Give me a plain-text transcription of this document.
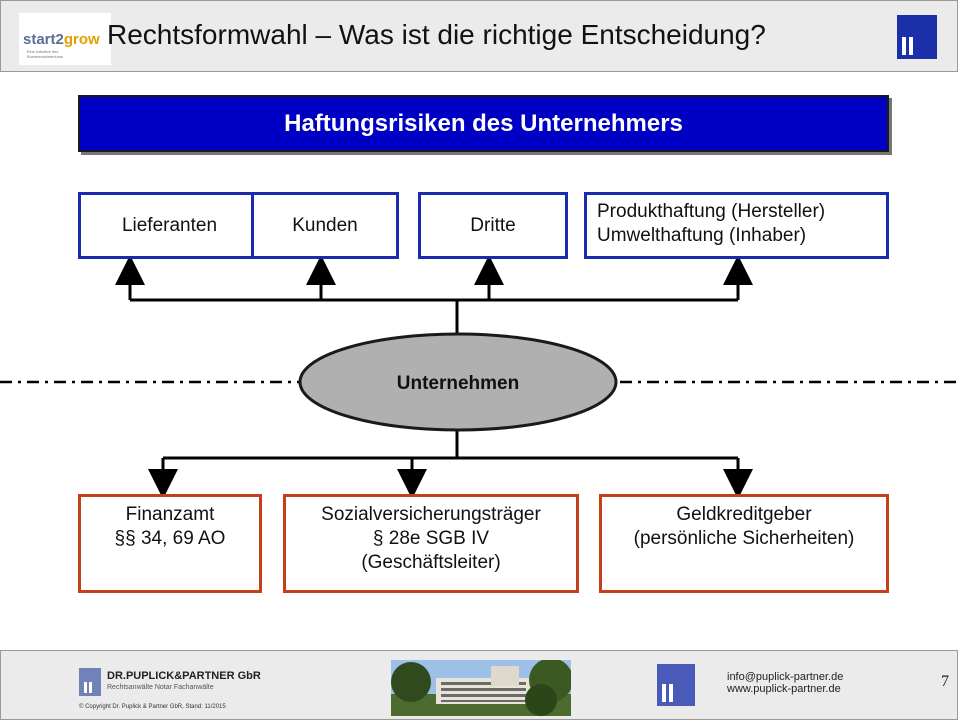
start2grow
Eine Initiative des Bundesministeriums
Rechtsformwahl – Was ist die richtige Entscheidung?
Haftungsrisiken des Unternehmers
Unternehmen
Lieferanten	Kunden	Dritte
Produkthaftung (Hersteller)
Umwelthaftung (Inhaber)
Finanzamt
§§ 34, 69 AO
Sozialversicherungsträger
§ 28e SGB IV
(Geschäftsleiter)
Geldkreditgeber
(persönliche Sicherheiten)
DR.PUPLICK&PARTNER GbR
Rechtsanwälte Notar Fachanwälte
© Copyright Dr. Puplick & Partner GbR, Stand: 11/2015
info@puplick-partner.de
www.puplick-partner.de	7
